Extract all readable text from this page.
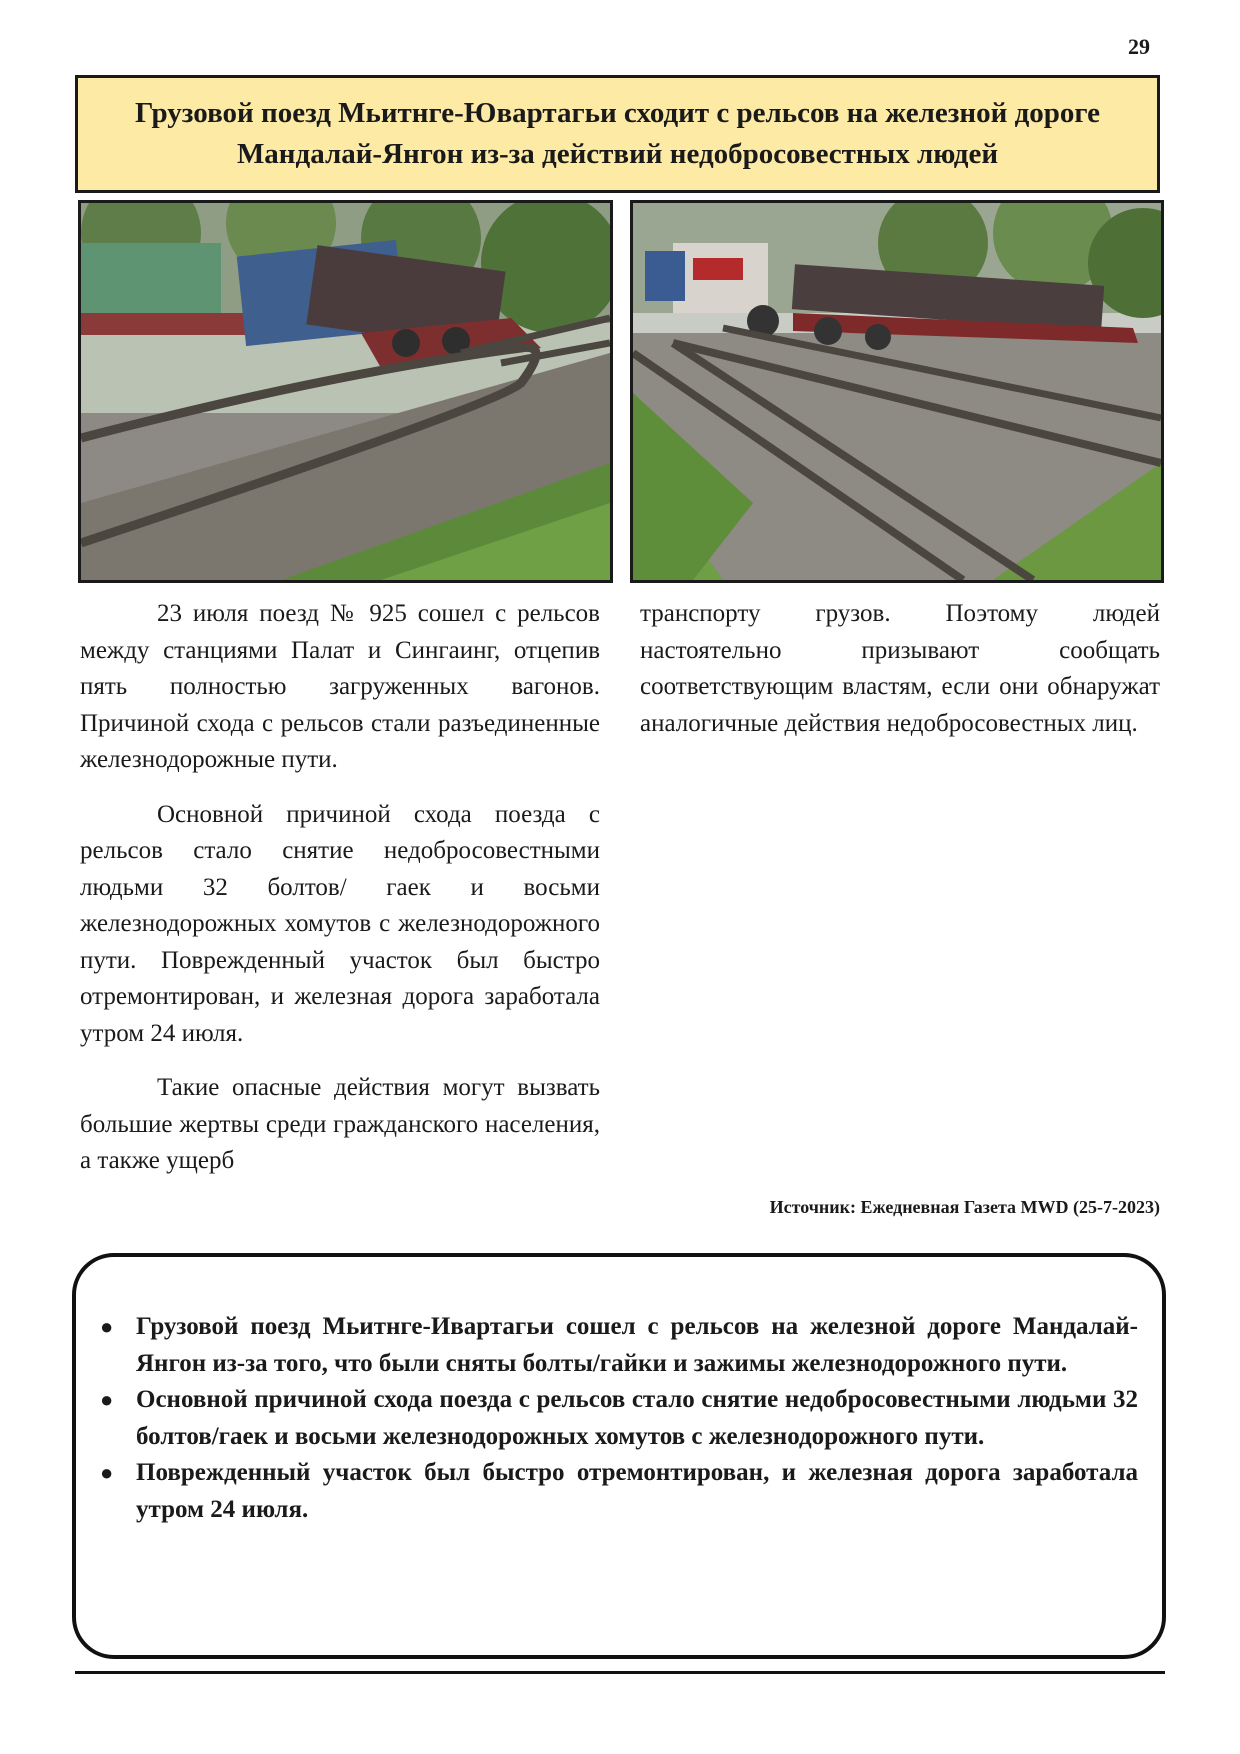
29
Грузовой поезд Мьитнге-Ювартагьи сходит с рельсов на железной дороге Мандалай-Янгон из-за действий недобросовестных людей

23 июля поезд № 925 сошел с рельсов между станциями Палат и Сингаинг, отцепив пять полностью загруженных вагонов. Причиной схода с рельсов стали разъединенные железнодорожные пути.

Основной причиной схода поезда с рельсов стало снятие недобросовестными людьми 32 болтов/ гаек и восьми железнодорожных хомутов с железнодорожного пути. Поврежденный участок был быстро отремонтирован, и железная дорога заработала утром 24 июля.

Такие опасные действия могут вызвать большие жертвы среди гражданского населения, а также ущерб

транспорту грузов. Поэтому людей настоятельно призывают сообщать соответствующим властям, если они обнаружат аналогичные действия недобросовестных лиц.

Источник: Ежедневная Газета MWD (25-7-2023)
● Грузовой поезд Мьитнге-Ивартагьи сошел с рельсов на железной дороге Мандалай-Янгон из-за того, что были сняты болты/гайки и зажимы железнодорожного пути.
● Основной причиной схода поезда с рельсов стало снятие недобросовестными людьми 32 болтов/гаек и восьми железнодорожных хомутов с железнодорожного пути.
● Поврежденный участок был быстро отремонтирован, и железная дорога заработала утром 24 июля.
